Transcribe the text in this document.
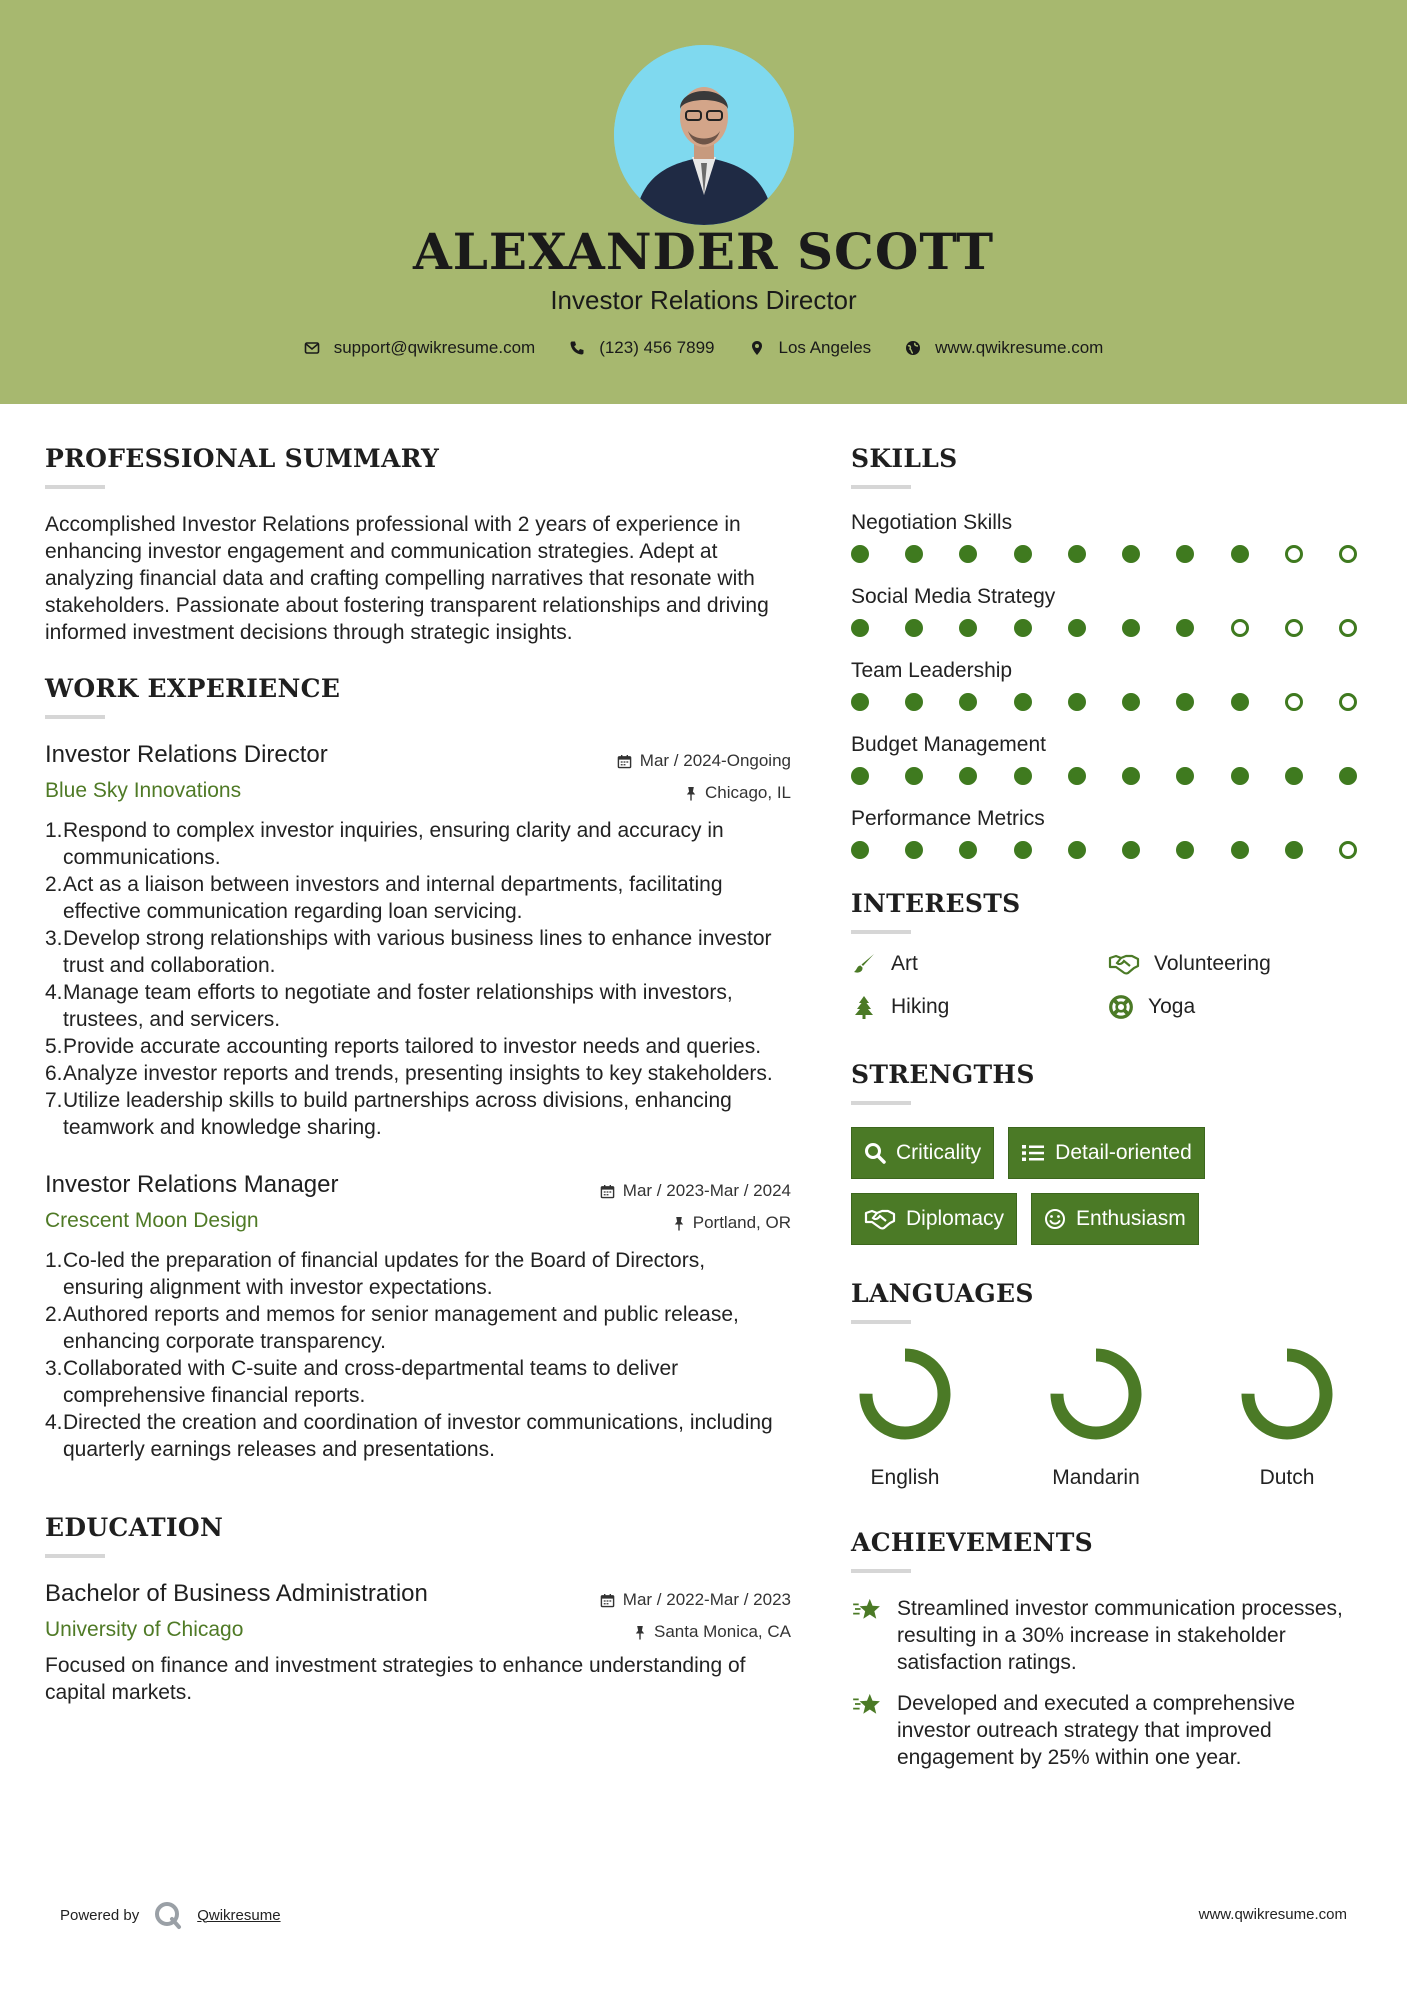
ALEXANDER SCOTT
Investor Relations Director
support@qwikresume.com	(123) 456 7899	Los Angeles	www.qwikresume.com
PROFESSIONAL SUMMARY

Accomplished Investor Relations professional with 2 years of experience in enhancing investor engagement and communication strategies. Adept at analyzing financial data and crafting compelling narratives that resonate with stakeholders. Passionate about fostering transparent relationships and driving informed investment decisions through strategic insights.

WORK EXPERIENCE
Investor Relations Director
Blue Sky Innovations
Mar / 2024-Ongoing
Chicago, IL
1. Respond to complex investor inquiries, ensuring clarity and accuracy in communications.
2. Act as a liaison between investors and internal departments, facilitating effective communication regarding loan servicing.
3. Develop strong relationships with various business lines to enhance investor trust and collaboration.
4. Manage team efforts to negotiate and foster relationships with investors, trustees, and servicers.
5. Provide accurate accounting reports tailored to investor needs and queries.
6. Analyze investor reports and trends, presenting insights to key stakeholders.
7. Utilize leadership skills to build partnerships across divisions, enhancing teamwork and knowledge sharing.
Investor Relations Manager
Crescent Moon Design
Mar / 2023-Mar / 2024
Portland, OR
1. Co-led the preparation of financial updates for the Board of Directors, ensuring alignment with investor expectations.
2. Authored reports and memos for senior management and public release, enhancing corporate transparency.
3. Collaborated with C-suite and cross-departmental teams to deliver comprehensive financial reports.
4. Directed the creation and coordination of investor communications, including quarterly earnings releases and presentations.
EDUCATION
Bachelor of Business Administration
University of Chicago
Mar / 2022-Mar / 2023
Santa Monica, CA

Focused on finance and investment strategies to enhance understanding of capital markets.

SKILLS
Negotiation Skills
Social Media Strategy
Team Leadership
Budget Management
Performance Metrics
INTERESTS
Art	Volunteering
Hiking	Yoga
STRENGTHS
Criticality	Detail-oriented
Diplomacy	Enthusiasm
LANGUAGES
English	Mandarin	Dutch
ACHIEVEMENTS
Streamlined investor communication processes, resulting in a 30% increase in stakeholder satisfaction ratings.
Developed and executed a comprehensive investor outreach strategy that improved engagement by 25% within one year.
Powered by	Qwikresume	www.qwikresume.com
